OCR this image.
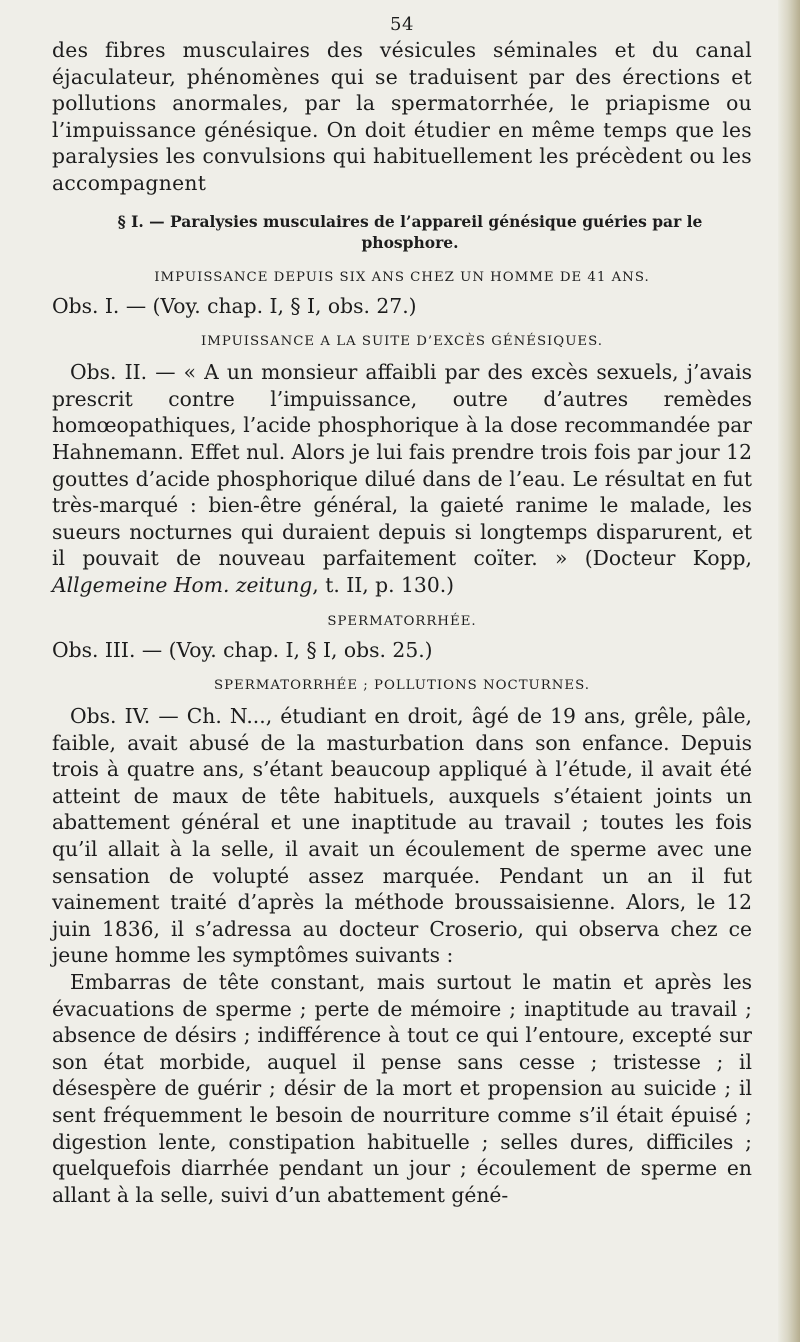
54

des fibres musculaires des vésicules séminales et du canal éjaculateur, phénomènes qui se traduisent par des érections et pollutions anormales, par la spermatorrhée, le priapisme ou l’impuissance génésique. On doit étudier en même temps que les paralysies les convulsions qui habituellement les précèdent ou les accompagnent

§ I. — Paralysies musculaires de l’appareil génésique guéries par le phosphore.
IMPUISSANCE DEPUIS SIX ANS CHEZ UN HOMME DE 41 ANS.

Obs. I. — (Voy. chap. I, § I, obs. 27.)

IMPUISSANCE A LA SUITE D’EXCÈS GÉNÉSIQUES.

Obs. II. — « A un monsieur affaibli par des excès sexuels, j’avais prescrit contre l’impuissance, outre d’autres remèdes homœopathiques, l’acide phosphorique à la dose recommandée par Hahnemann. Effet nul. Alors je lui fais prendre trois fois par jour 12 gouttes d’acide phosphorique dilué dans de l’eau. Le résultat en fut très-marqué : bien-être général, la gaieté ranime le malade, les sueurs nocturnes qui duraient depuis si longtemps disparurent, et il pouvait de nouveau parfaitement coïter. » (Docteur Kopp, Allgemeine Hom. zeitung, t. II, p. 130.)

SPERMATORRHÉE.

Obs. III. — (Voy. chap. I, § I, obs. 25.)

SPERMATORRHÉE ; POLLUTIONS NOCTURNES.

Obs. IV. — Ch. N..., étudiant en droit, âgé de 19 ans, grêle, pâle, faible, avait abusé de la masturbation dans son enfance. Depuis trois à quatre ans, s’étant beaucoup appliqué à l’étude, il avait été atteint de maux de tête habituels, auxquels s’étaient joints un abattement général et une inaptitude au travail ; toutes les fois qu’il allait à la selle, il avait un écoulement de sperme avec une sensation de volupté assez marquée. Pendant un an il fut vainement traité d’après la méthode broussaisienne. Alors, le 12 juin 1836, il s’adressa au docteur Croserio, qui observa chez ce jeune homme les symptômes suivants :

Embarras de tête constant, mais surtout le matin et après les évacuations de sperme ; perte de mémoire ; inaptitude au travail ; absence de désirs ; indifférence à tout ce qui l’entoure, excepté sur son état morbide, auquel il pense sans cesse ; tristesse ; il désespère de guérir ; désir de la mort et propension au suicide ; il sent fréquemment le besoin de nourriture comme s’il était épuisé ; digestion lente, constipation habituelle ; selles dures, difficiles ; quelquefois diarrhée pendant un jour ; écoulement de sperme en allant à la selle, suivi d’un abattement géné-
